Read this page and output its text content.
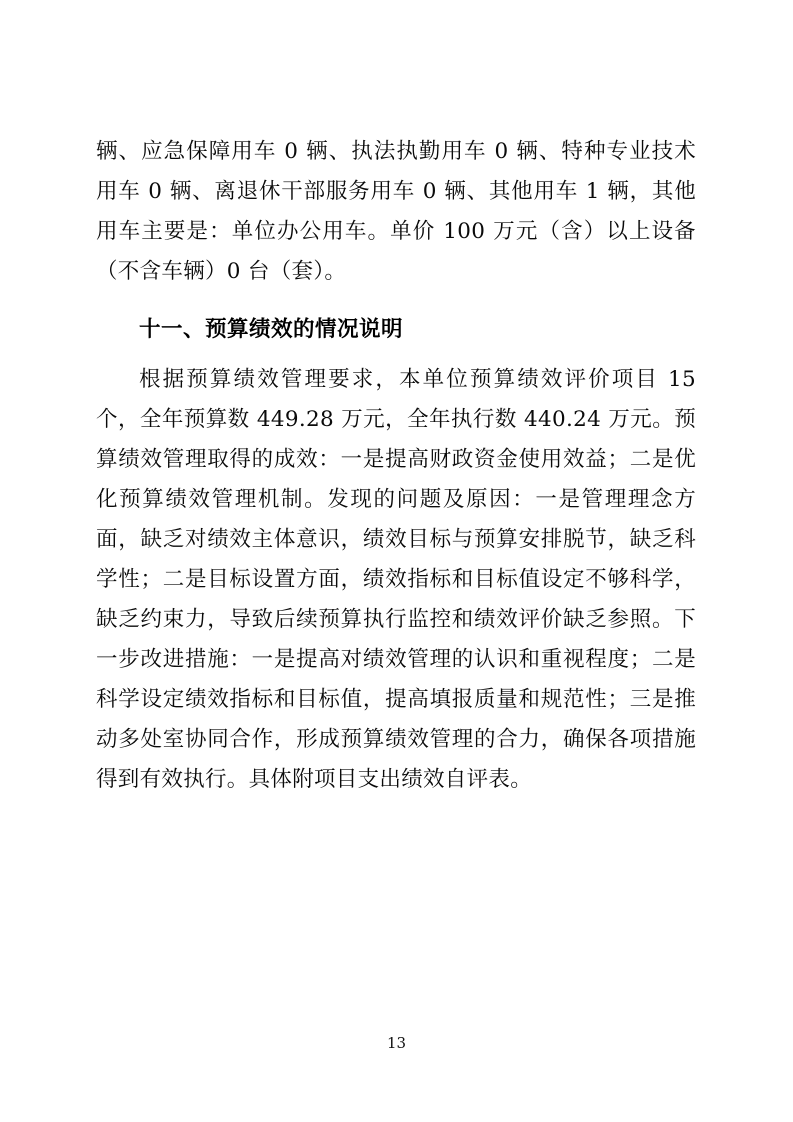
辆、应急保障用车 0 辆、执法执勤用车 0 辆、特种专业技术用车 0 辆、离退休干部服务用车 0 辆、其他用车 1 辆，其他用车主要是：单位办公用车。单价 100 万元（含）以上设备（不含车辆）0 台（套）。

十一、预算绩效的情况说明

根据预算绩效管理要求，本单位预算绩效评价项目 15 个，全年预算数 449.28 万元，全年执行数 440.24 万元。预算绩效管理取得的成效：一是提高财政资金使用效益；二是优化预算绩效管理机制。发现的问题及原因：一是管理理念方面，缺乏对绩效主体意识，绩效目标与预算安排脱节，缺乏科学性；二是目标设置方面，绩效指标和目标值设定不够科学，缺乏约束力，导致后续预算执行监控和绩效评价缺乏参照。下一步改进措施：一是提高对绩效管理的认识和重视程度；二是科学设定绩效指标和目标值，提高填报质量和规范性；三是推动多处室协同合作，形成预算绩效管理的合力，确保各项措施得到有效执行。具体附项目支出绩效自评表。

13
